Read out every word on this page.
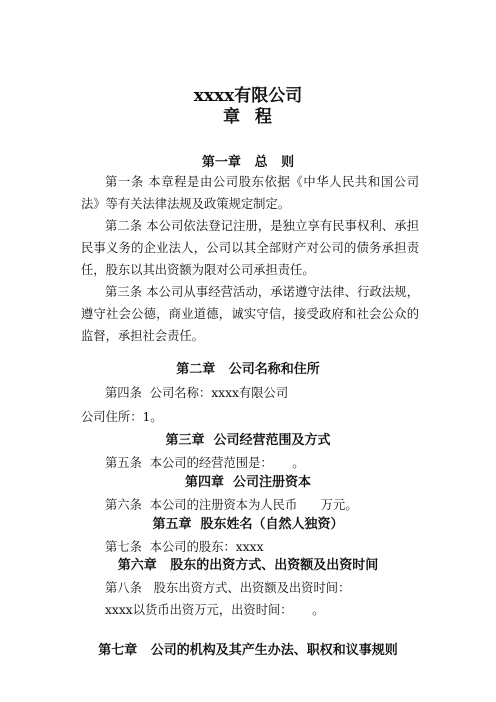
xxxx有限公司
章  程
第一章   总   则
第一条 本章程是由公司股东依据《中华人民共和国公司法》等有关法律法规及政策规定制定。
第二条 本公司依法登记注册，是独立享有民事权利、承担民事义务的企业法人，公司以其全部财产对公司的债务承担责任，股东以其出资额为限对公司承担责任。
第三条 本公司从事经营活动，承诺遵守法律、行政法规，遵守社会公德，商业道德，诚实守信，接受政府和社会公众的监督，承担社会责任。
第二章   公司名称和住所
第四条  公司名称：xxxx有限公司
公司住所：1。
第三章  公司经营范围及方式
第五条  本公司的经营范围是：     。
第四章  公司注册资本
第六条  本公司的注册资本为人民币      万元。
第五章  股东姓名（自然人独资）
第七条  本公司的股东：xxxx
第六章   股东的出资方式、出资额及出资时间
第八条   股东出资方式、出资额及出资时间：
xxxx以货币出资万元，出资时间：     。
第七章   公司的机构及其产生办法、职权和议事规则
